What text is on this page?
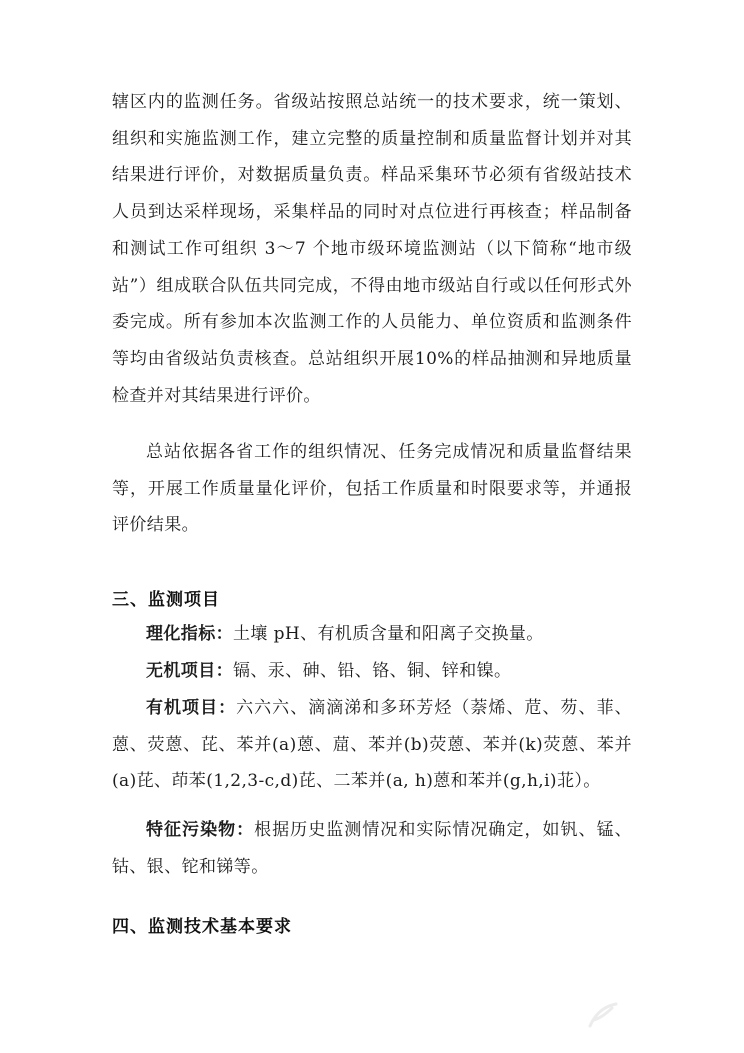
辖区内的监测任务。省级站按照总站统一的技术要求，统一策划、组织和实施监测工作，建立完整的质量控制和质量监督计划并对其结果进行评价，对数据质量负责。样品采集环节必须有省级站技术人员到达采样现场，采集样品的同时对点位进行再核查；样品制备和测试工作可组织 3～7 个地市级环境监测站（以下简称“地市级站”）组成联合队伍共同完成，不得由地市级站自行或以任何形式外委完成。所有参加本次监测工作的人员能力、单位资质和监测条件等均由省级站负责核查。总站组织开展10%的样品抽测和异地质量检查并对其结果进行评价。

总站依据各省工作的组织情况、任务完成情况和质量监督结果等，开展工作质量量化评价，包括工作质量和时限要求等，并通报评价结果。

三、监测项目

理化指标：土壤 pH、有机质含量和阳离子交换量。

无机项目：镉、汞、砷、铅、铬、铜、锌和镍。

有机项目：六六六、滴滴涕和多环芳烃（萘烯、苊、芴、菲、蒽、荧蒽、芘、苯并(a)蒽、䓛、苯并(b)荧蒽、苯并(k)荧蒽、苯并(a)芘、茚苯(1,2,3-c,d)芘、二苯并(a, h)蒽和苯并(g,h,i)苝）。

特征污染物：根据历史监测情况和实际情况确定，如钒、锰、钴、银、铊和锑等。

四、监测技术基本要求
